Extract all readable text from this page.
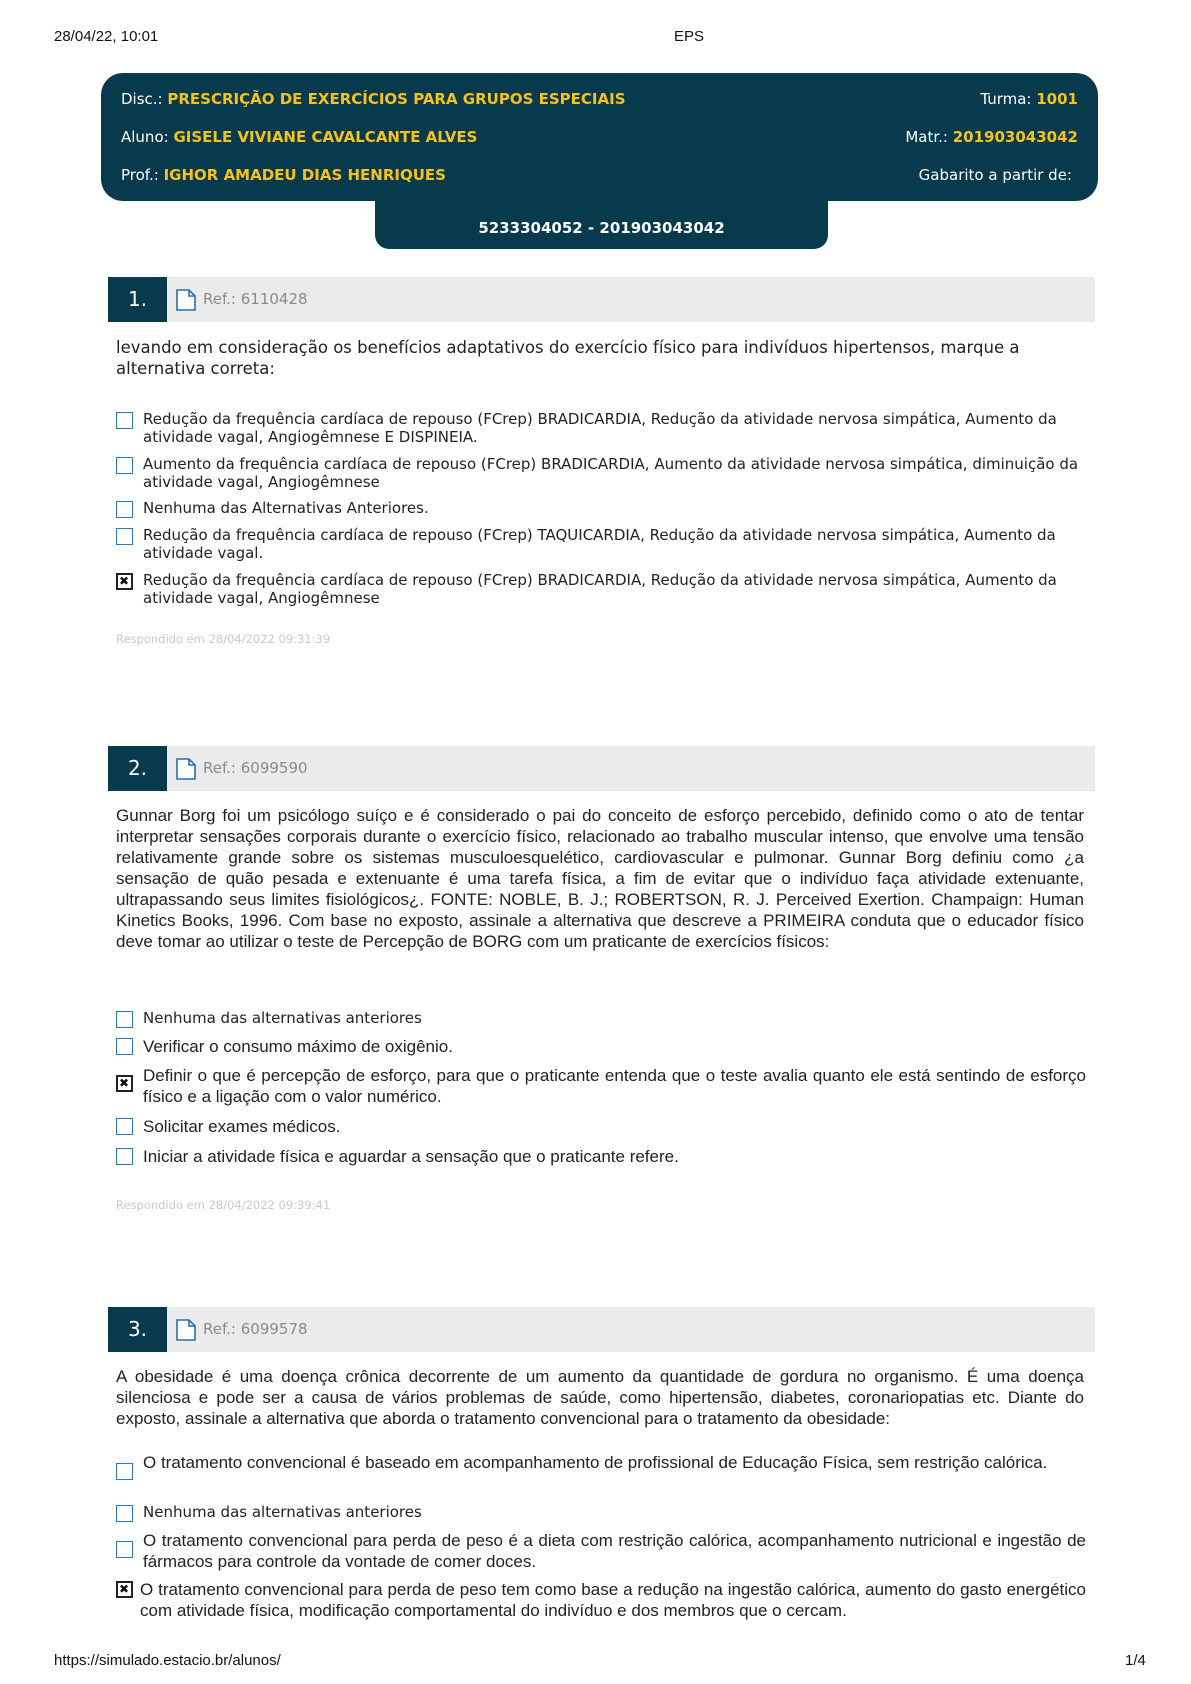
28/04/22, 10:01	EPS
https://simulado.estacio.br/alunos/	1/4
Disc.: PRESCRIÇÃO DE EXERCÍCIOS PARA GRUPOS ESPECIAIS	Turma: 1001
Aluno: GISELE VIVIANE CAVALCANTE ALVES	Matr.: 201903043042
Prof.: IGHOR AMADEU DIAS HENRIQUES	Gabarito a partir de:
5233304052 - 201903043042
1.	Ref.: 6110428
levando em consideração os benefícios adaptativos do exercício físico para indivíduos hipertensos, marque a alternativa correta:
Redução da frequência cardíaca de repouso (FCrep) BRADICARDIA, Redução da atividade nervosa simpática, Aumento da atividade vagal, Angiogêmnese E DISPINEIA.
Aumento da frequência cardíaca de repouso (FCrep) BRADICARDIA, Aumento da atividade nervosa simpática, diminuição da atividade vagal, Angiogêmnese
Nenhuma das Alternativas Anteriores.
Redução da frequência cardíaca de repouso (FCrep) TAQUICARDIA, Redução da atividade nervosa simpática, Aumento da atividade vagal.
✖
Redução da frequência cardíaca de repouso (FCrep) BRADICARDIA, Redução da atividade nervosa simpática, Aumento da atividade vagal, Angiogêmnese
Respondido em 28/04/2022 09:31:39
2.	Ref.: 6099590
Gunnar Borg foi um psicólogo suíço e é considerado o pai do conceito de esforço percebido, definido como o ato de tentar interpretar sensações corporais durante o exercício físico, relacionado ao trabalho muscular intenso, que envolve uma tensão relativamente grande sobre os sistemas musculoesquelético, cardiovascular e pulmonar. Gunnar Borg definiu como ¿a sensação de quão pesada e extenuante é uma tarefa física, a fim de evitar que o indivíduo faça atividade extenuante, ultrapassando seus limites fisiológicos¿. FONTE: NOBLE, B. J.; ROBERTSON, R. J. Perceived Exertion. Champaign: Human Kinetics Books, 1996. Com base no exposto, assinale a alternativa que descreve a PRIMEIRA conduta que o educador físico deve tomar ao utilizar o teste de Percepção de BORG com um praticante de exercícios físicos:
Nenhuma das alternativas anteriores
Verificar o consumo máximo de oxigênio.
✖
Definir o que é percepção de esforço, para que o praticante entenda que o teste avalia quanto ele está sentindo de esforço físico e a ligação com o valor numérico.
Solicitar exames médicos.
Iniciar a atividade física e aguardar a sensação que o praticante refere.
Respondido em 28/04/2022 09:39:41
3.	Ref.: 6099578
A obesidade é uma doença crônica decorrente de um aumento da quantidade de gordura no organismo. É uma doença silenciosa e pode ser a causa de vários problemas de saúde, como hipertensão, diabetes, coronariopatias etc. Diante do exposto, assinale a alternativa que aborda o tratamento convencional para o tratamento da obesidade:
O tratamento convencional é baseado em acompanhamento de profissional de Educação Física, sem restrição calórica.
Nenhuma das alternativas anteriores
O tratamento convencional para perda de peso é a dieta com restrição calórica, acompanhamento nutricional e ingestão de fármacos para controle da vontade de comer doces.
✖
O tratamento convencional para perda de peso tem como base a redução na ingestão calórica, aumento do gasto energético com atividade física, modificação comportamental do indivíduo e dos membros que o cercam.
